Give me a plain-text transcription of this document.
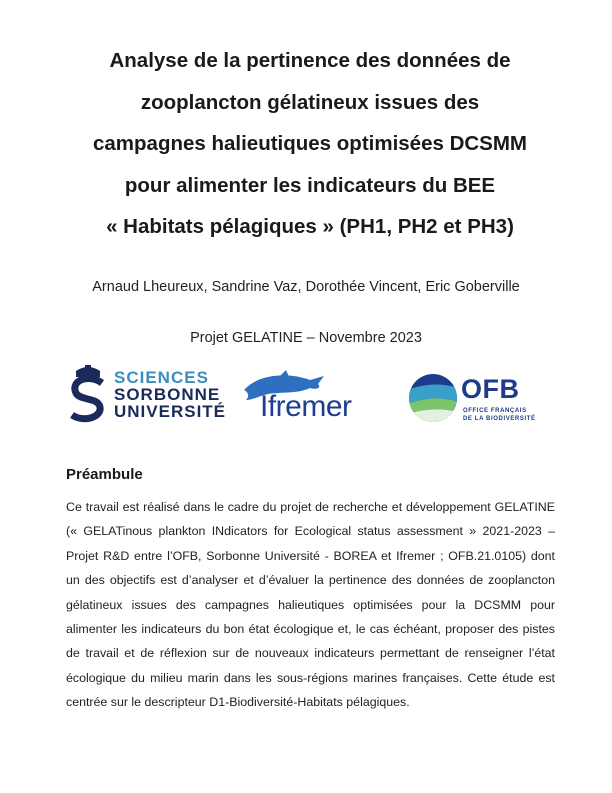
Analyse de la pertinence des données de
zooplancton gélatineux issues des
campagnes halieutiques optimisées DCSMM
pour alimenter les indicateurs du BEE
« Habitats pélagiques » (PH1, PH2 et PH3)
Arnaud Lheureux, Sandrine Vaz, Dorothée Vincent, Eric Goberville
Projet GELATINE – Novembre 2023
SCIENCES
SORBONNE
UNIVERSITÉ Ifremer
OFB
OFFICE FRANÇAIS
DE LA BIODIVERSITÉ
Préambule
Ce travail est réalisé dans le cadre du projet de recherche et développement GELATINE (« GELATinous plankton INdicators for Ecological status assessment » 2021-2023 – Projet R&D entre l’OFB, Sorbonne Université - BOREA et Ifremer ; OFB.21.0105) dont un des objectifs est d’analyser et d’évaluer la pertinence des données de zooplancton gélatineux issues des campagnes halieutiques optimisées pour la DCSMM pour alimenter les indicateurs du bon état écologique et, le cas échéant, proposer des pistes de travail et de réflexion sur de nouveaux indicateurs permettant de renseigner l’état écologique du milieu marin dans les sous-régions marines françaises. Cette étude est centrée sur le descripteur D1-Biodiversité-Habitats pélagiques.
